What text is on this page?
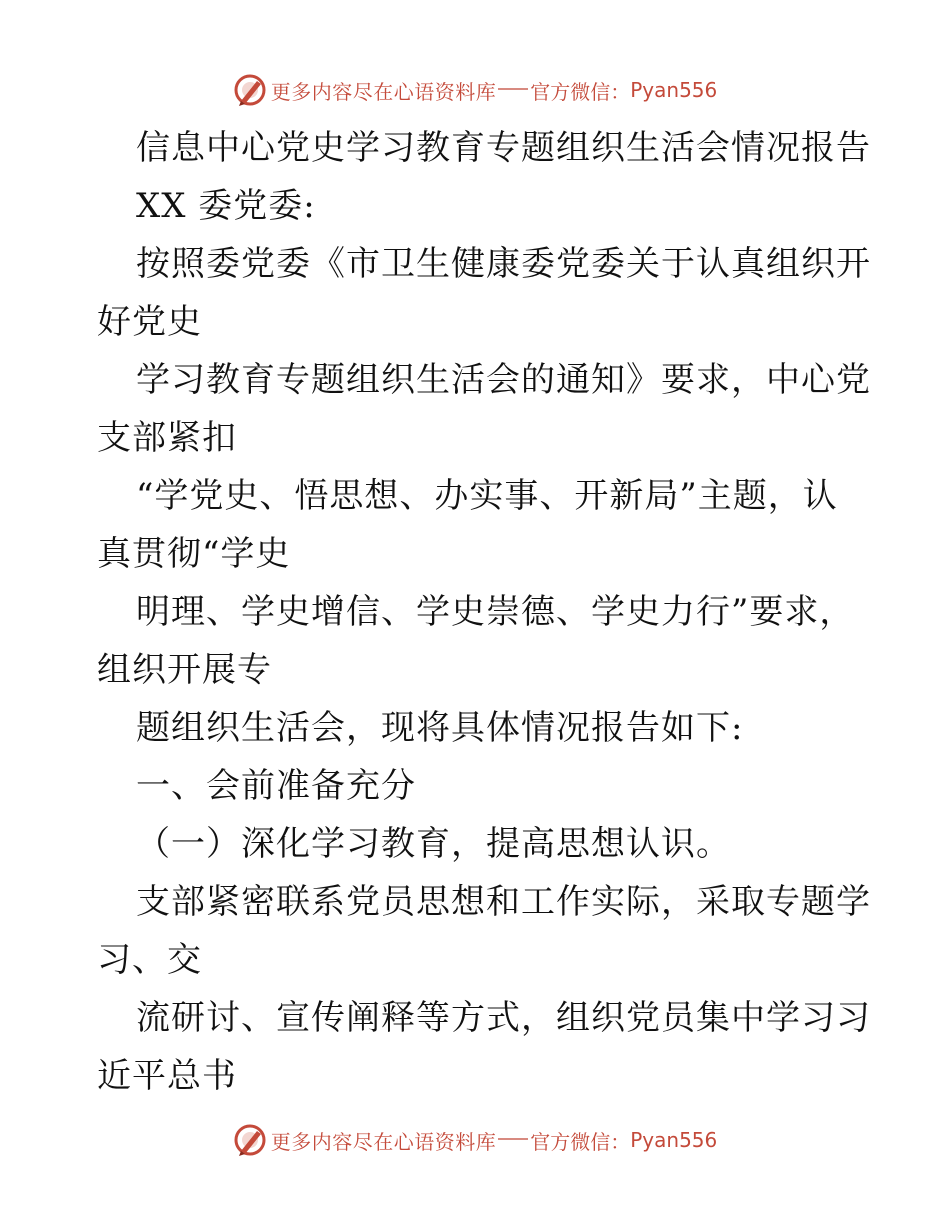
更多内容尽在心语资料库 官方微信： Pyan556
信息中心党史学习教育专题组织生活会情况报告
XX 委党委:
按照委党委《市卫生健康委党委关于认真组织开
好党史
学习教育专题组织生活会的通知》要求，中心党
支部紧扣
“学党史、悟思想、办实事、开新局”主题，认
真贯彻“学史
明理、学史增信、学史崇德、学史力行”要求，
组织开展专
题组织生活会，现将具体情况报告如下:
一、会前准备充分
（一）深化学习教育，提高思想认识。
支部紧密联系党员思想和工作实际，采取专题学
习、交
流研讨、宣传阐释等方式，组织党员集中学习习
近平总书
更多内容尽在心语资料库 官方微信： Pyan556
